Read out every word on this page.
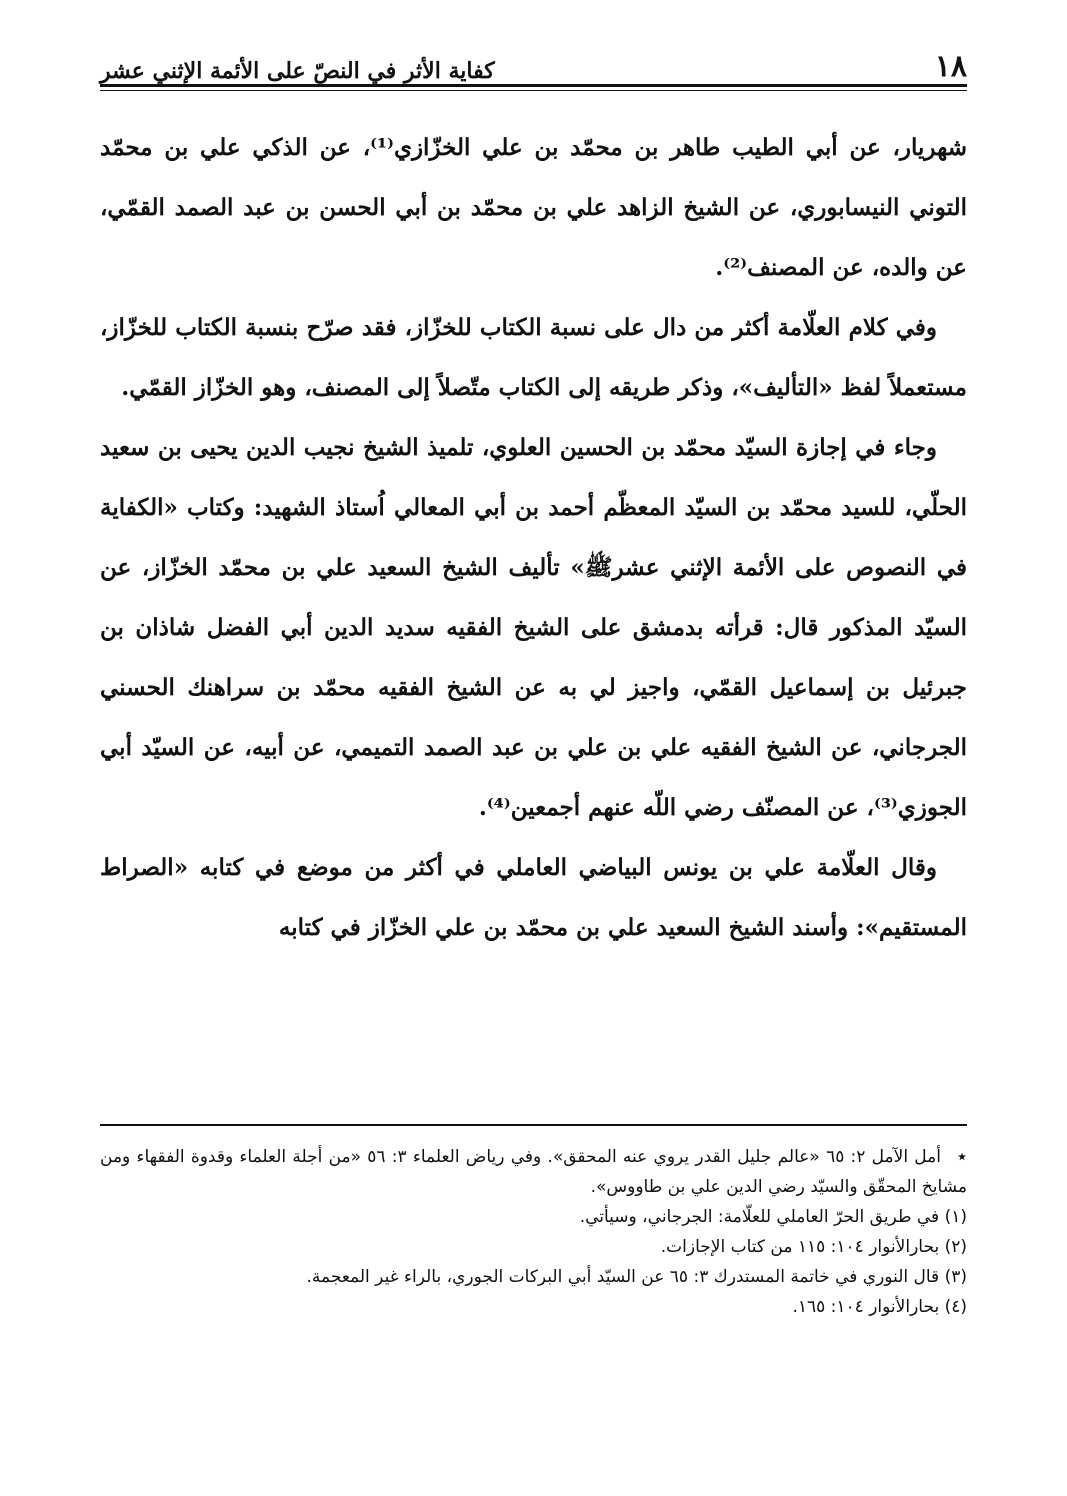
١٨
كفاية الأثر في النصّ على الأئمة الإثني عشر

شهريار، عن أبي الطيب طاهر بن محمّد بن علي الخزّازي⁽¹⁾، عن الذكي علي بن محمّد التوني النيسابوري، عن الشيخ الزاهد علي بن محمّد بن أبي الحسن بن عبد الصمد القمّي، عن والده، عن المصنف⁽²⁾.

وفي كلام العلّامة أكثر من دال على نسبة الكتاب للخزّاز، فقد صرّح بنسبة الكتاب للخزّاز، مستعملاً لفظ «التأليف»، وذكر طريقه إلى الكتاب متّصلاً إلى المصنف، وهو الخزّاز القمّي.

وجاء في إجازة السيّد محمّد بن الحسين العلوي، تلميذ الشيخ نجيب الدين يحيى بن سعيد الحلّي، للسيد محمّد بن السيّد المعظّم أحمد بن أبي المعالي اُستاذ الشهيد: وكتاب «الكفاية في النصوص على الأئمة الإثني عشرﷺ» تأليف الشيخ السعيد علي بن محمّد الخزّاز، عن السيّد المذكور قال: قرأته بدمشق على الشيخ الفقيه سديد الدين أبي الفضل شاذان بن جبرئيل بن إسماعيل القمّي، واجيز لي به عن الشيخ الفقيه محمّد بن سراهنك الحسني الجرجاني، عن الشيخ الفقيه علي بن علي بن عبد الصمد التميمي، عن أبيه، عن السيّد أبي الجوزي⁽³⁾، عن المصنّف رضي اللّه عنهم أجمعين⁽⁴⁾.

وقال العلّامة علي بن يونس البياضي العاملي في أكثر من موضع في كتابه «الصراط المستقيم»: وأسند الشيخ السعيد علي بن محمّد بن علي الخزّاز في كتابه

٭أمل الآمل ٢: ٦٥ «عالم جليل القدر يروي عنه المحقق». وفي رياض العلماء ٣: ٥٦ «من أجلة العلماء وقدوة الفقهاء ومن مشايخ المحقّق والسيّد رضي الدين علي بن طاووس».

(١) في طريق الحرّ العاملي للعلّامة: الجرجاني، وسيأتي.

(٢) بحارالأنوار ١٠٤: ١١٥ من كتاب الإجازات.

(٣) قال النوري في خاتمة المستدرك ٣: ٦٥ عن السيّد أبي البركات الجوري، بالراء غير المعجمة.

(٤) بحارالأنوار ١٠٤: ١٦٥.
